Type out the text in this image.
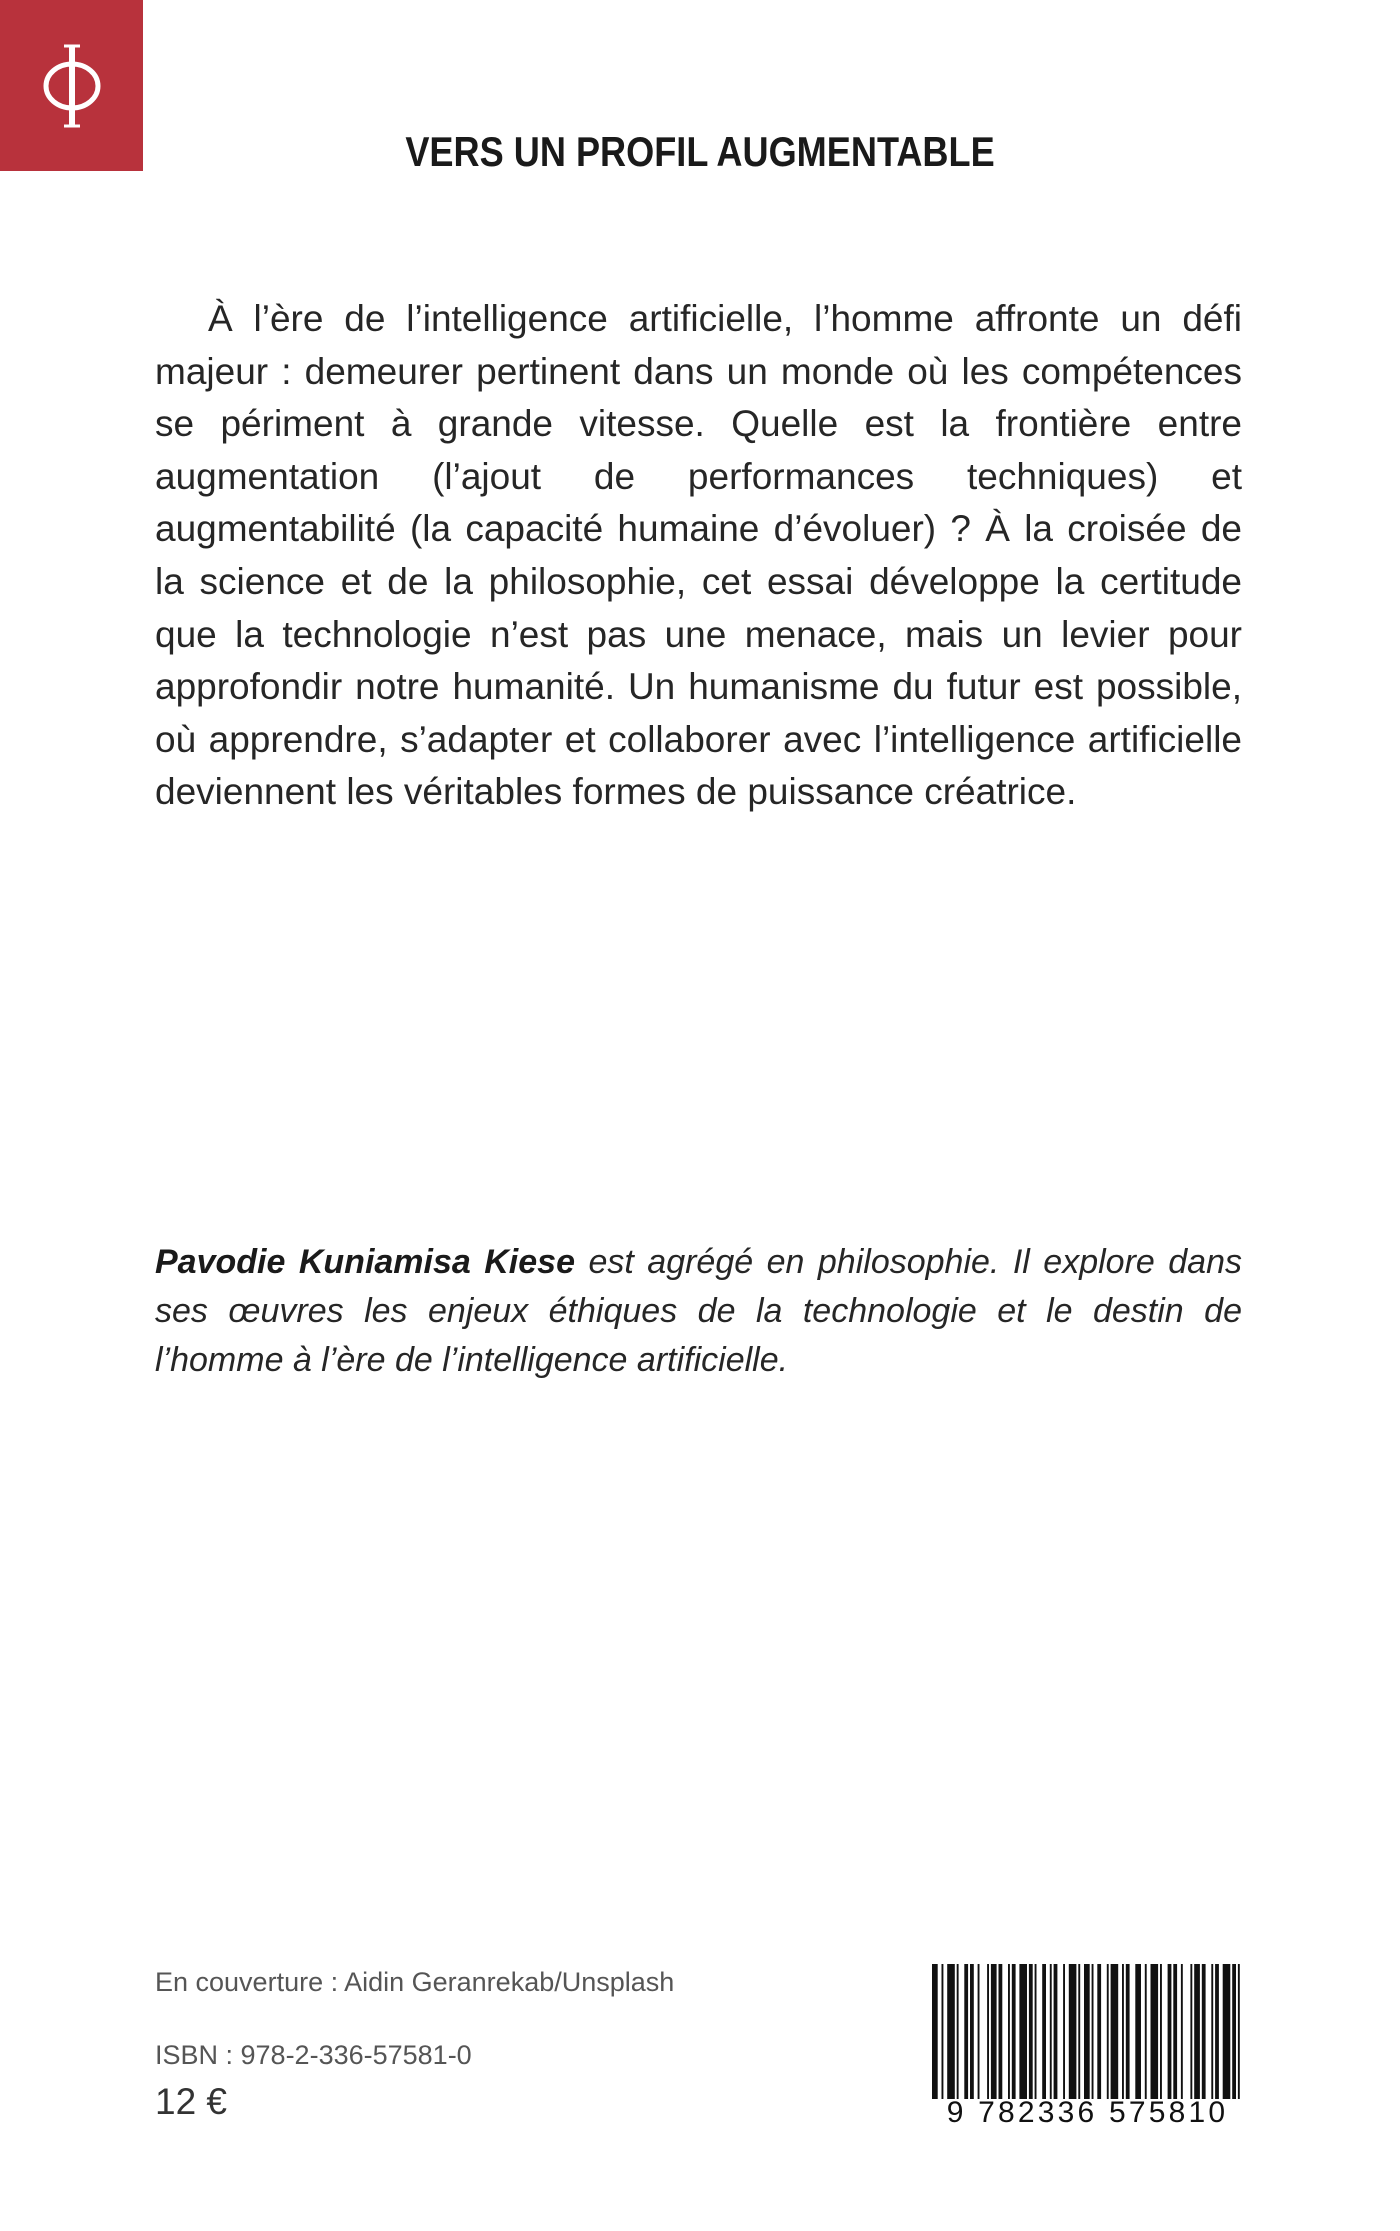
VERS UN PROFIL AUGMENTABLE

À l’ère de l’intelligence artificielle, l’homme affronte un défi majeur : demeurer pertinent dans un monde où les compétences se périment à grande vitesse. Quelle est la frontière entre augmentation (l’ajout de performances techniques) et augmentabilité (la capacité humaine d’évoluer) ? À la croisée de la science et de la philosophie, cet essai développe la certitude que la technologie n’est pas une menace, mais un levier pour approfondir notre humanité. Un humanisme du futur est possible, où apprendre, s’adapter et collaborer avec l’intelligence artificielle deviennent les véritables formes de puissance créatrice.

Pavodie Kuniamisa Kiese est agrégé en philosophie. Il explore dans ses œuvres les enjeux éthiques de la technologie et le destin de l’homme à l’ère de l’intelligence artificielle.

En couverture : Aidin Geranrekab/Unsplash
ISBN : 978-2-336-57581-0
12 €	9 782336 575810
